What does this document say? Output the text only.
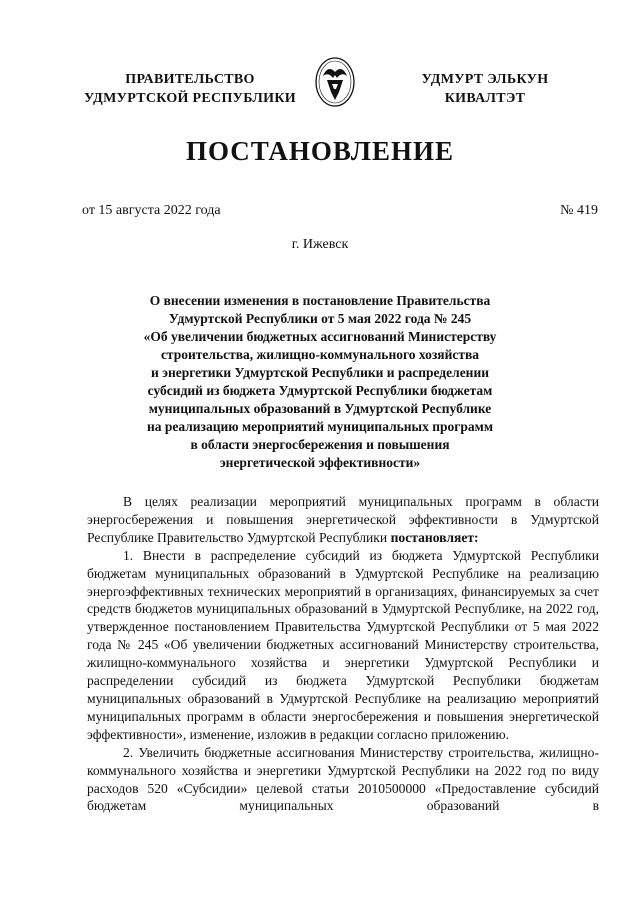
ПРАВИТЕЛЬСТВО
УДМУРТСКОЙ РЕСПУБЛИКИ
УДМУРТ ЭЛЬКУН
КИВАЛТЭТ
ПОСТАНОВЛЕНИЕ
от 15 августа 2022 года	№ 419
г. Ижевск
О внесении изменения в постановление Правительства
Удмуртской Республики от 5 мая 2022 года № 245
«Об увеличении бюджетных ассигнований Министерству
строительства, жилищно-коммунального хозяйства
и энергетики Удмуртской Республики и распределении
субсидий из бюджета Удмуртской Республики бюджетам
муниципальных образований в Удмуртской Республике
на реализацию мероприятий муниципальных программ
в области энергосбережения и повышения
энергетической эффективности»

В целях реализации мероприятий муниципальных программ в области энергосбережения и повышения энергетической эффективности в Удмуртской Республике Правительство Удмуртской Республики постановляет:

1. Внести в распределение субсидий из бюджета Удмуртской Республики бюджетам муниципальных образований в Удмуртской Республике на реализацию энергоэффективных технических мероприятий в организациях, финансируемых за счет средств бюджетов муниципальных образований в Удмуртской Республике, на 2022 год, утвержденное постановлением Правительства Удмуртской Республики от 5 мая 2022 года № 245 «Об увеличении бюджетных ассигнований Министерству строительства, жилищно-коммунального хозяйства и энергетики Удмуртской Республики и распределении субсидий из бюджета Удмуртской Республики бюджетам муниципальных образований в Удмуртской Республике на реализацию мероприятий муниципальных программ в области энергосбережения и повышения энергетической эффективности», изменение, изложив в редакции согласно приложению.

2. Увеличить бюджетные ассигнования Министерству строительства, жилищно-коммунального хозяйства и энергетики Удмуртской Республики на 2022 год по виду расходов 520 «Субсидии» целевой статьи 2010500000 «Предоставление субсидий бюджетам муниципальных образований в
